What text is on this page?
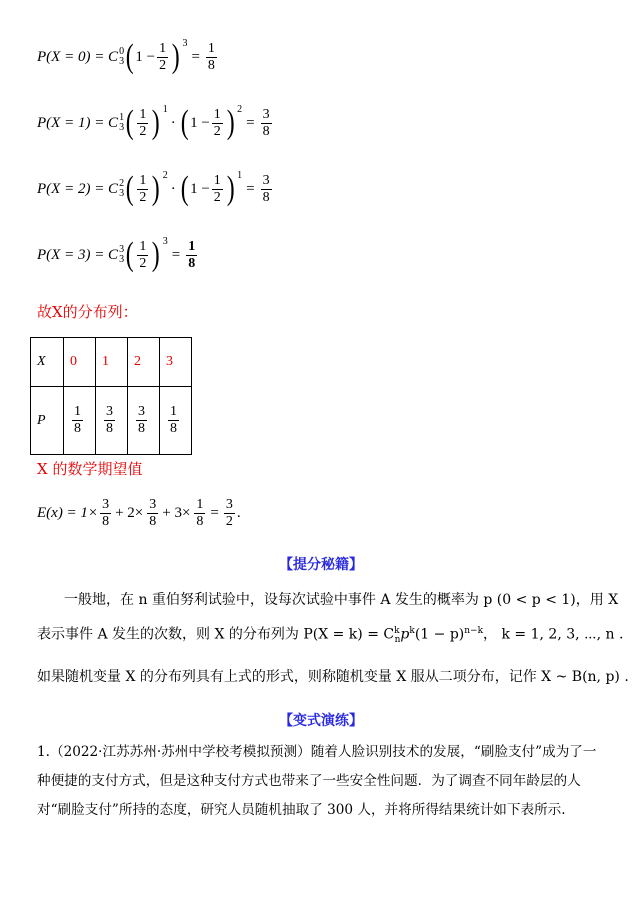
P(X = 0) = C 0
3 ( $1 - \frac{1}{2}$ ) 3
= $\frac{1}{8}$
P(X = 1) = C 1
3 ( $\frac{1}{2}$ ) 1
· ( $1 - \frac{1}{2}$ ) 2
= $\frac{3}{8}$
P(X = 2) = C 2
3 ( $\frac{1}{2}$ ) 2
· ( $1 - \frac{1}{2}$ ) 1
= $\frac{3}{8}$
P(X = 3) = C 3
3 ( $\frac{1}{2}$ ) 3
= $\frac{1}{8}$
故X的分布列：
X	0	1	2	3
P	$\frac{1}{8}$	$\frac{3}{8}$	$\frac{3}{8}$	$\frac{1}{8}$
X 的数学期望值
$E(x) = 1\times \frac{3}{8} + 2\times \frac{3}{8} + 3\times \frac{1}{8} = \frac{3}{2}$ .
【提分秘籍】
一般地，在 n 重伯努利试验中，设每次试验中事件 A 发生的概率为 p (0 < p < 1)，用 X
表示事件 A 发生的次数，则 X 的分布列为 $P(X = k) = C^k_np^k(1 - p)^{n-k}$， k = 1, 2, 3, ⋯, n .
如果随机变量 X 的分布列具有上式的形式，则称随机变量 X 服从二项分布，记作 X ~ B(n, p) .
【变式演练】
1.（2022·江苏苏州·苏州中学校考模拟预测）随着人脸识别技术的发展，“刷脸支付”成为了一
种便捷的支付方式，但是这种支付方式也带来了一些安全性问题．为了调查不同年龄层的人
对“刷脸支付”所持的态度，研究人员随机抽取了 300 人，并将所得结果统计如下表所示.
